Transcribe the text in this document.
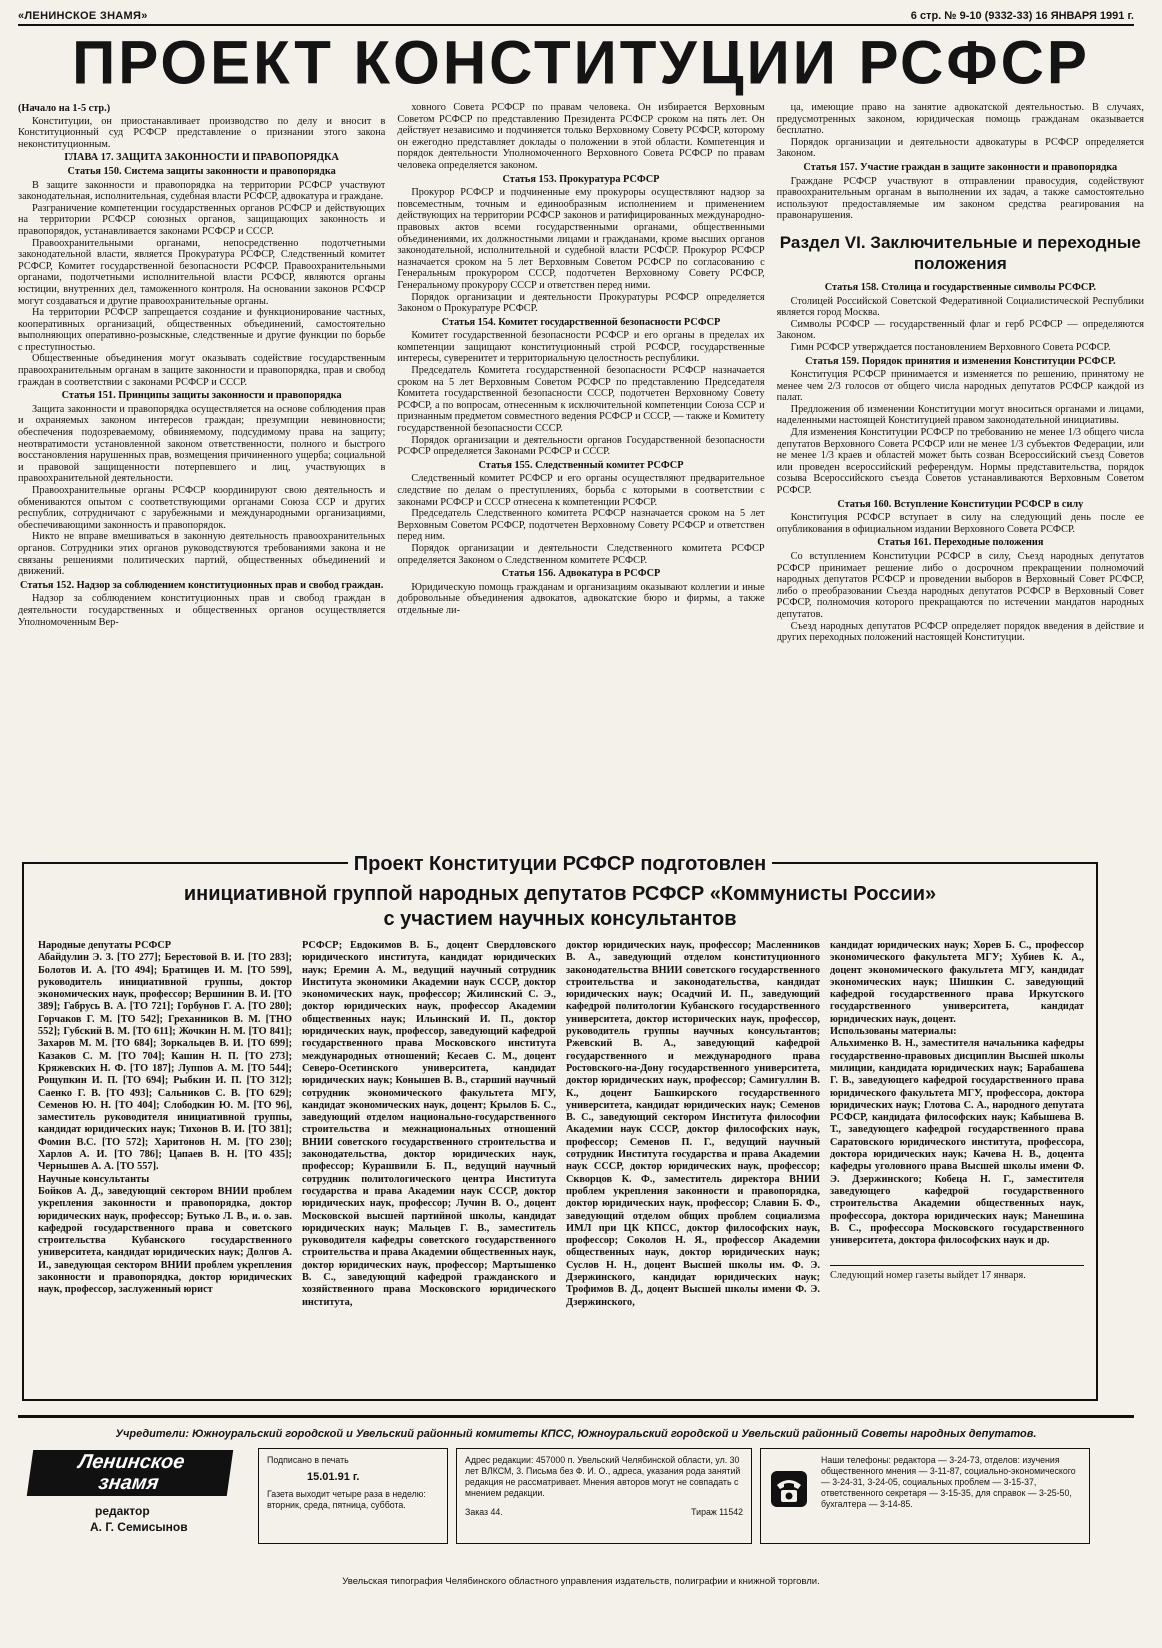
«ЛЕНИНСКОЕ ЗНАМЯ»	6 стр. № 9-10 (9332-33) 16 ЯНВАРЯ 1991 г.
ПРОЕКТ КОНСТИТУЦИИ РСФСР

(Начало на 1-5 стр.)

Конституции, он приостанавливает производство по делу и вносит в Конституционный суд РСФСР представление о признании этого закона неконституционным.

ГЛАВА 17. ЗАЩИТА ЗАКОННОСТИ И ПРАВОПОРЯДКА

Статья 150. Система защиты законности и правопорядка

В защите законности и правопорядка на территории РСФСР участвуют законодательная, исполнительная, судебная власти РСФСР, адвокатура и граждане.

Разграничение компетенции государственных органов РСФСР и действующих на территории РСФСР союзных органов, защищающих законность и правопорядок, устанавливается законами РСФСР и СССР.

Правоохранительными органами, непосредственно подотчетными законодательной власти, является Прокуратура РСФСР, Следственный комитет РСФСР, Комитет государственной безопасности РСФСР. Правоохранительными органами, подотчетными исполнительной власти РСФСР, являются органы юстиции, внутренних дел, таможенного контроля. На основании законов РСФСР могут создаваться и другие правоохранительные органы.

На территории РСФСР запрещается создание и функционирование частных, кооперативных организаций, общественных объединений, самостоятельно выполняющих оперативно-розыскные, следственные и другие функции по борьбе с преступностью.

Общественные объединения могут оказывать содействие государственным правоохранительным органам в защите законности и правопорядка, прав и свобод граждан в соответствии с законами РСФСР и СССР.

Статья 151. Принципы защиты законности и правопорядка

Защита законности и правопорядка осуществляется на основе соблюдения прав и охраняемых законом интересов граждан; презумпции невиновности; обеспечения подозреваемому, обвиняемому, подсудимому права на защиту; неотвратимости установленной законом ответственности, полного и быстрого восстановления нарушенных прав, возмещения причиненного ущерба; социальной и правовой защищенности потерпевшего и лиц, участвующих в правоохранительной деятельности.

Правоохранительные органы РСФСР координируют свою деятельность и обмениваются опытом с соответствующими органами Союза ССР и других республик, сотрудничают с зарубежными и международными организациями, обеспечивающими законность и правопорядок.

Никто не вправе вмешиваться в законную деятельность правоохранительных органов. Сотрудники этих органов руководствуются требованиями закона и не связаны решениями политических партий, общественных объединений и движений.

Статья 152. Надзор за соблюдением конституционных прав и свобод граждан.

Надзор за соблюдением конституционных прав и свобод граждан в деятельности государственных и общественных органов осуществляется Уполномоченным Вер-

ховного Совета РСФСР по правам человека. Он избирается Верховным Советом РСФСР по представлению Президента РСФСР сроком на пять лет. Он действует независимо и подчиняется только Верховному Совету РСФСР, которому он ежегодно представляет доклады о положении в этой области. Компетенция и порядок деятельности Уполномоченного Верховного Совета РСФСР по правам человека определяется законом.

Статья 153. Прокуратура РСФСР

Прокурор РСФСР и подчиненные ему прокуроры осуществляют надзор за повсеместным, точным и единообразным исполнением и применением действующих на территории РСФСР законов и ратифицированных международно-правовых актов всеми государственными органами, общественными объединениями, их должностными лицами и гражданами, кроме высших органов законодательной, исполнительной и судебной власти РСФСР. Прокурор РСФСР назначается сроком на 5 лет Верховным Советом РСФСР по согласованию с Генеральным прокурором СССР, подотчетен Верховному Совету РСФСР, Генеральному прокурору СССР и ответствен перед ними.

Порядок организации и деятельности Прокуратуры РСФСР определяется Законом о Прокуратуре РСФСР.

Статья 154. Комитет государственной безопасности РСФСР

Комитет государственной безопасности РСФСР и его органы в пределах их компетенции защищают конституционный строй РСФСР, государственные интересы, суверенитет и территориальную целостность республики.

Председатель Комитета государственной безопасности РСФСР назначается сроком на 5 лет Верховным Советом РСФСР по представлению Председателя Комитета государственной безопасности СССР, подотчетен Верховному Совету РСФСР, а по вопросам, отнесенным к исключительной компетенции Союза ССР и признанным предметом совместного ведения РСФСР и СССР, — также и Комитету государственной безопасности СССР.

Порядок организации и деятельности органов Государственной безопасности РСФСР определяется Законами РСФСР и СССР.

Статья 155. Следственный комитет РСФСР

Следственный комитет РСФСР и его органы осуществляют предварительное следствие по делам о преступлениях, борьба с которыми в соответствии с законами РСФСР и СССР отнесена к компетенции РСФСР.

Председатель Следственного комитета РСФСР назначается сроком на 5 лет Верховным Советом РСФСР, подотчетен Верховному Совету РСФСР и ответствен перед ним.

Порядок организации и деятельности Следственного комитета РСФСР определяется Законом о Следственном комитете РСФСР.

Статья 156. Адвокатура в РСФСР

Юридическую помощь гражданам и организациям оказывают коллегии и иные добровольные объединения адвокатов, адвокатские бюро и фирмы, а также отдельные ли-

ца, имеющие право на занятие адвокатской деятельностью. В случаях, предусмотренных законом, юридическая помощь гражданам оказывается бесплатно.

Порядок организации и деятельности адвокатуры в РСФСР определяется Законом.

Статья 157. Участие граждан в защите законности и правопорядка

Граждане РСФСР участвуют в отправлении правосудия, содействуют правоохранительным органам в выполнении их задач, а также самостоятельно используют предоставляемые им законом средства реагирования на правонарушения.

Раздел VI. Заключительные и переходные положения

Статья 158. Столица и государственные символы РСФСР.

Столицей Российской Советской Федеративной Социалистической Республики является город Москва.

Символы РСФСР — государственный флаг и герб РСФСР — определяются Законом.

Гимн РСФСР утверждается постановлением Верховного Совета РСФСР.

Статья 159. Порядок принятия и изменения Конституции РСФСР.

Конституция РСФСР принимается и изменяется по решению, принятому не менее чем 2/3 голосов от общего числа народных депутатов РСФСР каждой из палат.

Предложения об изменении Конституции могут вноситься органами и лицами, наделенными настоящей Конституцией правом законодательной инициативы.

Для изменения Конституции РСФСР по требованию не менее 1/3 общего числа депутатов Верховного Совета РСФСР или не менее 1/3 субъектов Федерации, или не менее 1/3 краев и областей может быть созван Всероссийский съезд Советов или проведен всероссийский референдум. Нормы представительства, порядок созыва Всероссийского съезда Советов устанавливаются Верховным Советом РСФСР.

Статья 160. Вступление Конституции РСФСР в силу

Конституция РСФСР вступает в силу на следующий день после ее опубликования в официальном издании Верховного Совета РСФСР.

Статья 161. Переходные положения

Со вступлением Конституции РСФСР в силу, Съезд народных депутатов РСФСР принимает решение либо о досрочном прекращении полномочий народных депутатов РСФСР и проведении выборов в Верховный Совет РСФСР, либо о преобразовании Съезда народных депутатов РСФСР в Верховный Совет РСФСР, полномочия которого прекращаются по истечении мандатов народных депутатов.

Съезд народных депутатов РСФСР определяет порядок введения в действие и других переходных положений настоящей Конституции.

Проект Конституции РСФСР подготовлен
инициативной группой народных депутатов РСФСР «Коммунисты России»
с участием научных консультантов

Народные депутаты РСФСР

Абайдулин Э. З. [ТО 277]; Берестовой В. И. [ТО 283]; Болотов И. А. [ТО 494]; Братищев И. М. [ТО 599], руководитель инициативной группы, доктор экономических наук, профессор; Вершинин В. И. [ТО 389]; Габрусь В. А. [ТО 721]; Горбунов Г. А. [ТО 280]; Горчаков Г. М. [ТО 542]; Греханников В. М. [ТНО 552]; Губский В. М. [ТО 611]; Жочкин Н. М. [ТО 841]; Захаров М. М. [ТО 684]; Зоркальцев В. И. [ТО 699]; Казаков С. М. [ТО 704]; Кашин Н. П. [ТО 273]; Кряжевских Н. Ф. [ТО 187]; Луппов А. М. [ТО 544]; Рощупкин И. П. [ТО 694]; Рыбкин И. П. [ТО 312]; Саенко Г. В. [ТО 493]; Сальников С. В. [ТО 629]; Семенов Ю. Н. [ТО 404]; Слободкин Ю. М. [ТО 96], заместитель руководителя инициативной группы, кандидат юридических наук; Тихонов В. И. [ТО 381]; Фомин В.С. [ТО 572]; Харитонов Н. М. [ТО 230]; Харлов А. И. [ТО 786]; Цапаев В. Н. [ТО 435]; Чернышев А. А. [ТО 557].

Научные консультанты

Бойков А. Д., заведующий сектором ВНИИ проблем укрепления законности и правопорядка, доктор юридических наук, профессор; Бутько Л. В., и. о. зав. кафедрой государственного права и советского строительства Кубанского государственного университета, кандидат юридических наук; Долгов А. И., заведующая сектором ВНИИ проблем укрепления законности и правопорядка, доктор юридических наук, профессор, заслуженный юрист

РСФСР; Евдокимов В. Б., доцент Свердловского юридического института, кандидат юридических наук; Еремин А. М., ведущий научный сотрудник Института экономики Академии наук СССР, доктор экономических наук, профессор; Жилинский С. Э., доктор юридических наук, профессор Академии общественных наук; Ильинский И. П., доктор юридических наук, профессор, заведующий кафедрой государственного права Московского института международных отношений; Кесаев С. М., доцент Северо-Осетинского университета, кандидат юридических наук; Конышев В. В., старший научный сотрудник экономического факультета МГУ, кандидат экономических наук, доцент; Крылов Б. С., заведующий отделом национально-государственного строительства и межнациональных отношений ВНИИ советского государственного строительства и законодательства, доктор юридических наук, профессор; Курашвили Б. П., ведущий научный сотрудник политологического центра Института государства и права Академии наук СССР, доктор юридических наук, профессор; Лучин В. О., доцент Московской высшей партийной школы, кандидат юридических наук; Мальцев Г. В., заместитель руководителя кафедры советского государственного строительства и права Академии общественных наук, доктор юридических наук, профессор; Мартышенко В. С., заведующий кафедрой гражданского и хозяйственного права Московского юридического института,

доктор юридических наук, профессор; Масленников В. А., заведующий отделом конституционного законодательства ВНИИ советского государственного строительства и законодательства, кандидат юридических наук; Осадчий И. П., заведующий кафедрой политологии Кубанского государственного университета, доктор исторических наук, профессор, руководитель группы научных консультантов; Ржевский В. А., заведующий кафедрой государственного и международного права Ростовского-на-Дону государственного университета, доктор юридических наук, профессор; Самигуллин В. К., доцент Башкирского государственного университета, кандидат юридических наук; Семенов В. С., заведующий сектором Института философии Академии наук СССР, доктор философских наук, профессор; Семенов П. Г., ведущий научный сотрудник Института государства и права Академии наук СССР, доктор юридических наук, профессор; Скворцов К. Ф., заместитель директора ВНИИ проблем укрепления законности и правопорядка, доктор юридических наук, профессор; Славин Б. Ф., заведующий отделом общих проблем социализма ИМЛ при ЦК КПСС, доктор философских наук, профессор; Соколов Н. Я., профессор Академии общественных наук, доктор юридических наук; Суслов Н. Н., доцент Высшей школы им. Ф. Э. Дзержинского, кандидат юридических наук; Трофимов В. Д., доцент Высшей школы имени Ф. Э. Дзержинского,

кандидат юридических наук; Хорев Б. С., профессор экономического факультета МГУ; Хубиев К. А., доцент экономического факультета МГУ, кандидат экономических наук; Шишкин С. заведующий кафедрой государственного права Иркутского государственного университета, кандидат юридических наук, доцент.

Использованы материалы:

Альхименко В. Н., заместителя начальника кафедры государственно-правовых дисциплин Высшей школы милиции, кандидата юридических наук; Барабашева Г. В., заведующего кафедрой государственного права юридического факультета МГУ, профессора, доктора юридических наук; Глотова С. А., народного депутата РСФСР, кандидата философских наук; Кабышева В. Т., заведующего кафедрой государственного права Саратовского юридического института, профессора, доктора юридических наук; Качева Н. В., доцента кафедры уголовного права Высшей школы имени Ф. Э. Дзержинского; Кобеца Н. Г., заместителя заведующего кафедрой государственного строительства Академии общественных наук, профессора, доктора юридических наук; Манешина В. С., профессора Московского государственного университета, доктора философских наук и др.

Следующий номер газеты выйдет 17 января.

Учредители: Южноуральский городской и Увельский районный комитеты КПСС, Южноуральский городской и Увельский районный Советы народных депутатов.
Ленинское
знамя
редактор
А. Г. Семисынов
Подписано в печать
15.01.91 г.
Газета выходит четыре раза в неделю: вторник, среда, пятница, суббота.
Адрес редакции: 457000 п. Увельский Челябинской области, ул. 30 лет ВЛКСМ, 3. Письма без Ф. И. О., адреса, указания рода занятий редакция не рассматривает. Мнения авторов могут не совпадать с мнением редакции.
Заказ 44.	Тираж 11542
Наши телефоны: редактора — 3-24-73, отделов: изучения общественного мнения — 3-11-87, социально-экономического — 3-24-31, 3-24-05, социальных проблем — 3-15-37, ответственного секретаря — 3-15-35, для справок — 3-25-50, бухгалтера — 3-14-85.
Увельская типография Челябинского областного управления издательств, полиграфии и книжной торговли.
